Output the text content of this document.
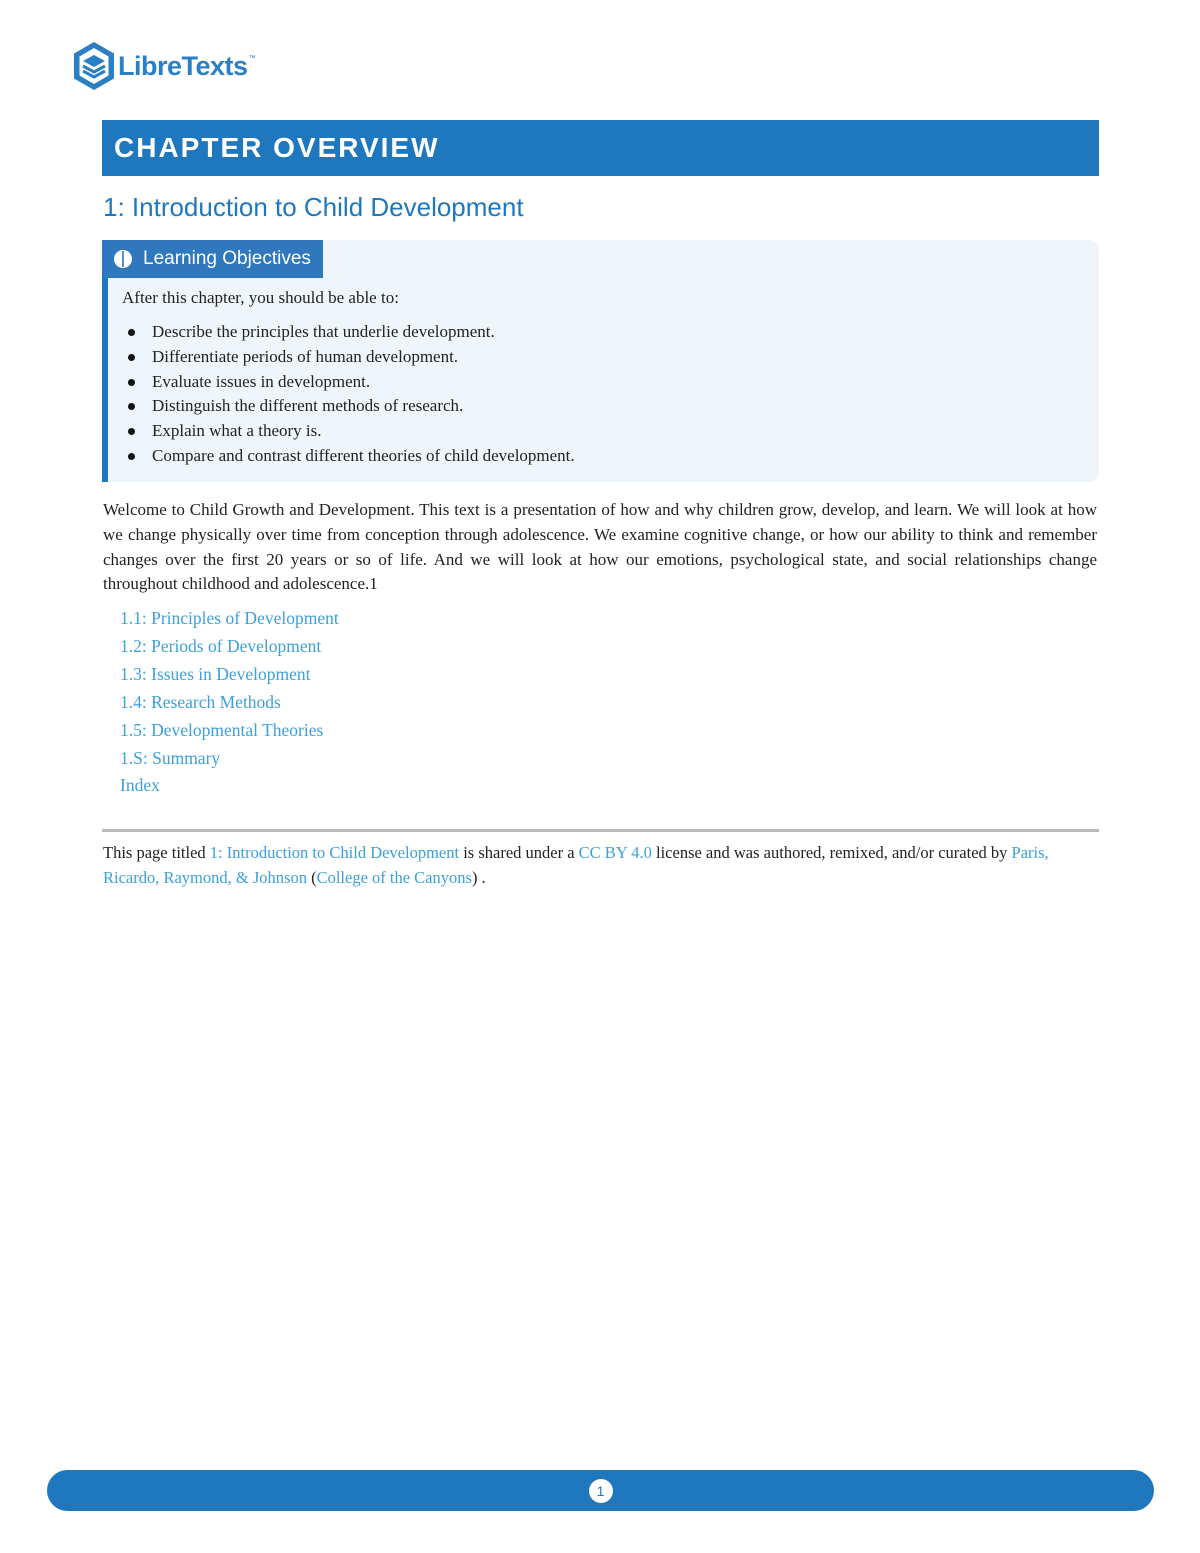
LibreTexts ™
CHAPTER OVERVIEW
1: Introduction to Child Development
Learning Objectives
After this chapter, you should be able to:
Describe the principles that underlie development.
Differentiate periods of human development.
Evaluate issues in development.
Distinguish the different methods of research.
Explain what a theory is.
Compare and contrast different theories of child development.

Welcome to Child Growth and Development. This text is a presentation of how and why children grow, develop, and learn. We will look at how we change physically over time from conception through adolescence. We examine cognitive change, or how our ability to think and remember changes over the first 20 years or so of life. And we will look at how our emotions, psychological state, and social relationships change throughout childhood and adolescence.1

1.1: Principles of Development
1.2: Periods of Development
1.3: Issues in Development
1.4: Research Methods
1.5: Developmental Theories
1.S: Summary
Index

This page titled 1: Introduction to Child Development is shared under a CC BY 4.0 license and was authored, remixed, and/or curated by Paris, Ricardo, Raymond, & Johnson (College of the Canyons) .

1
